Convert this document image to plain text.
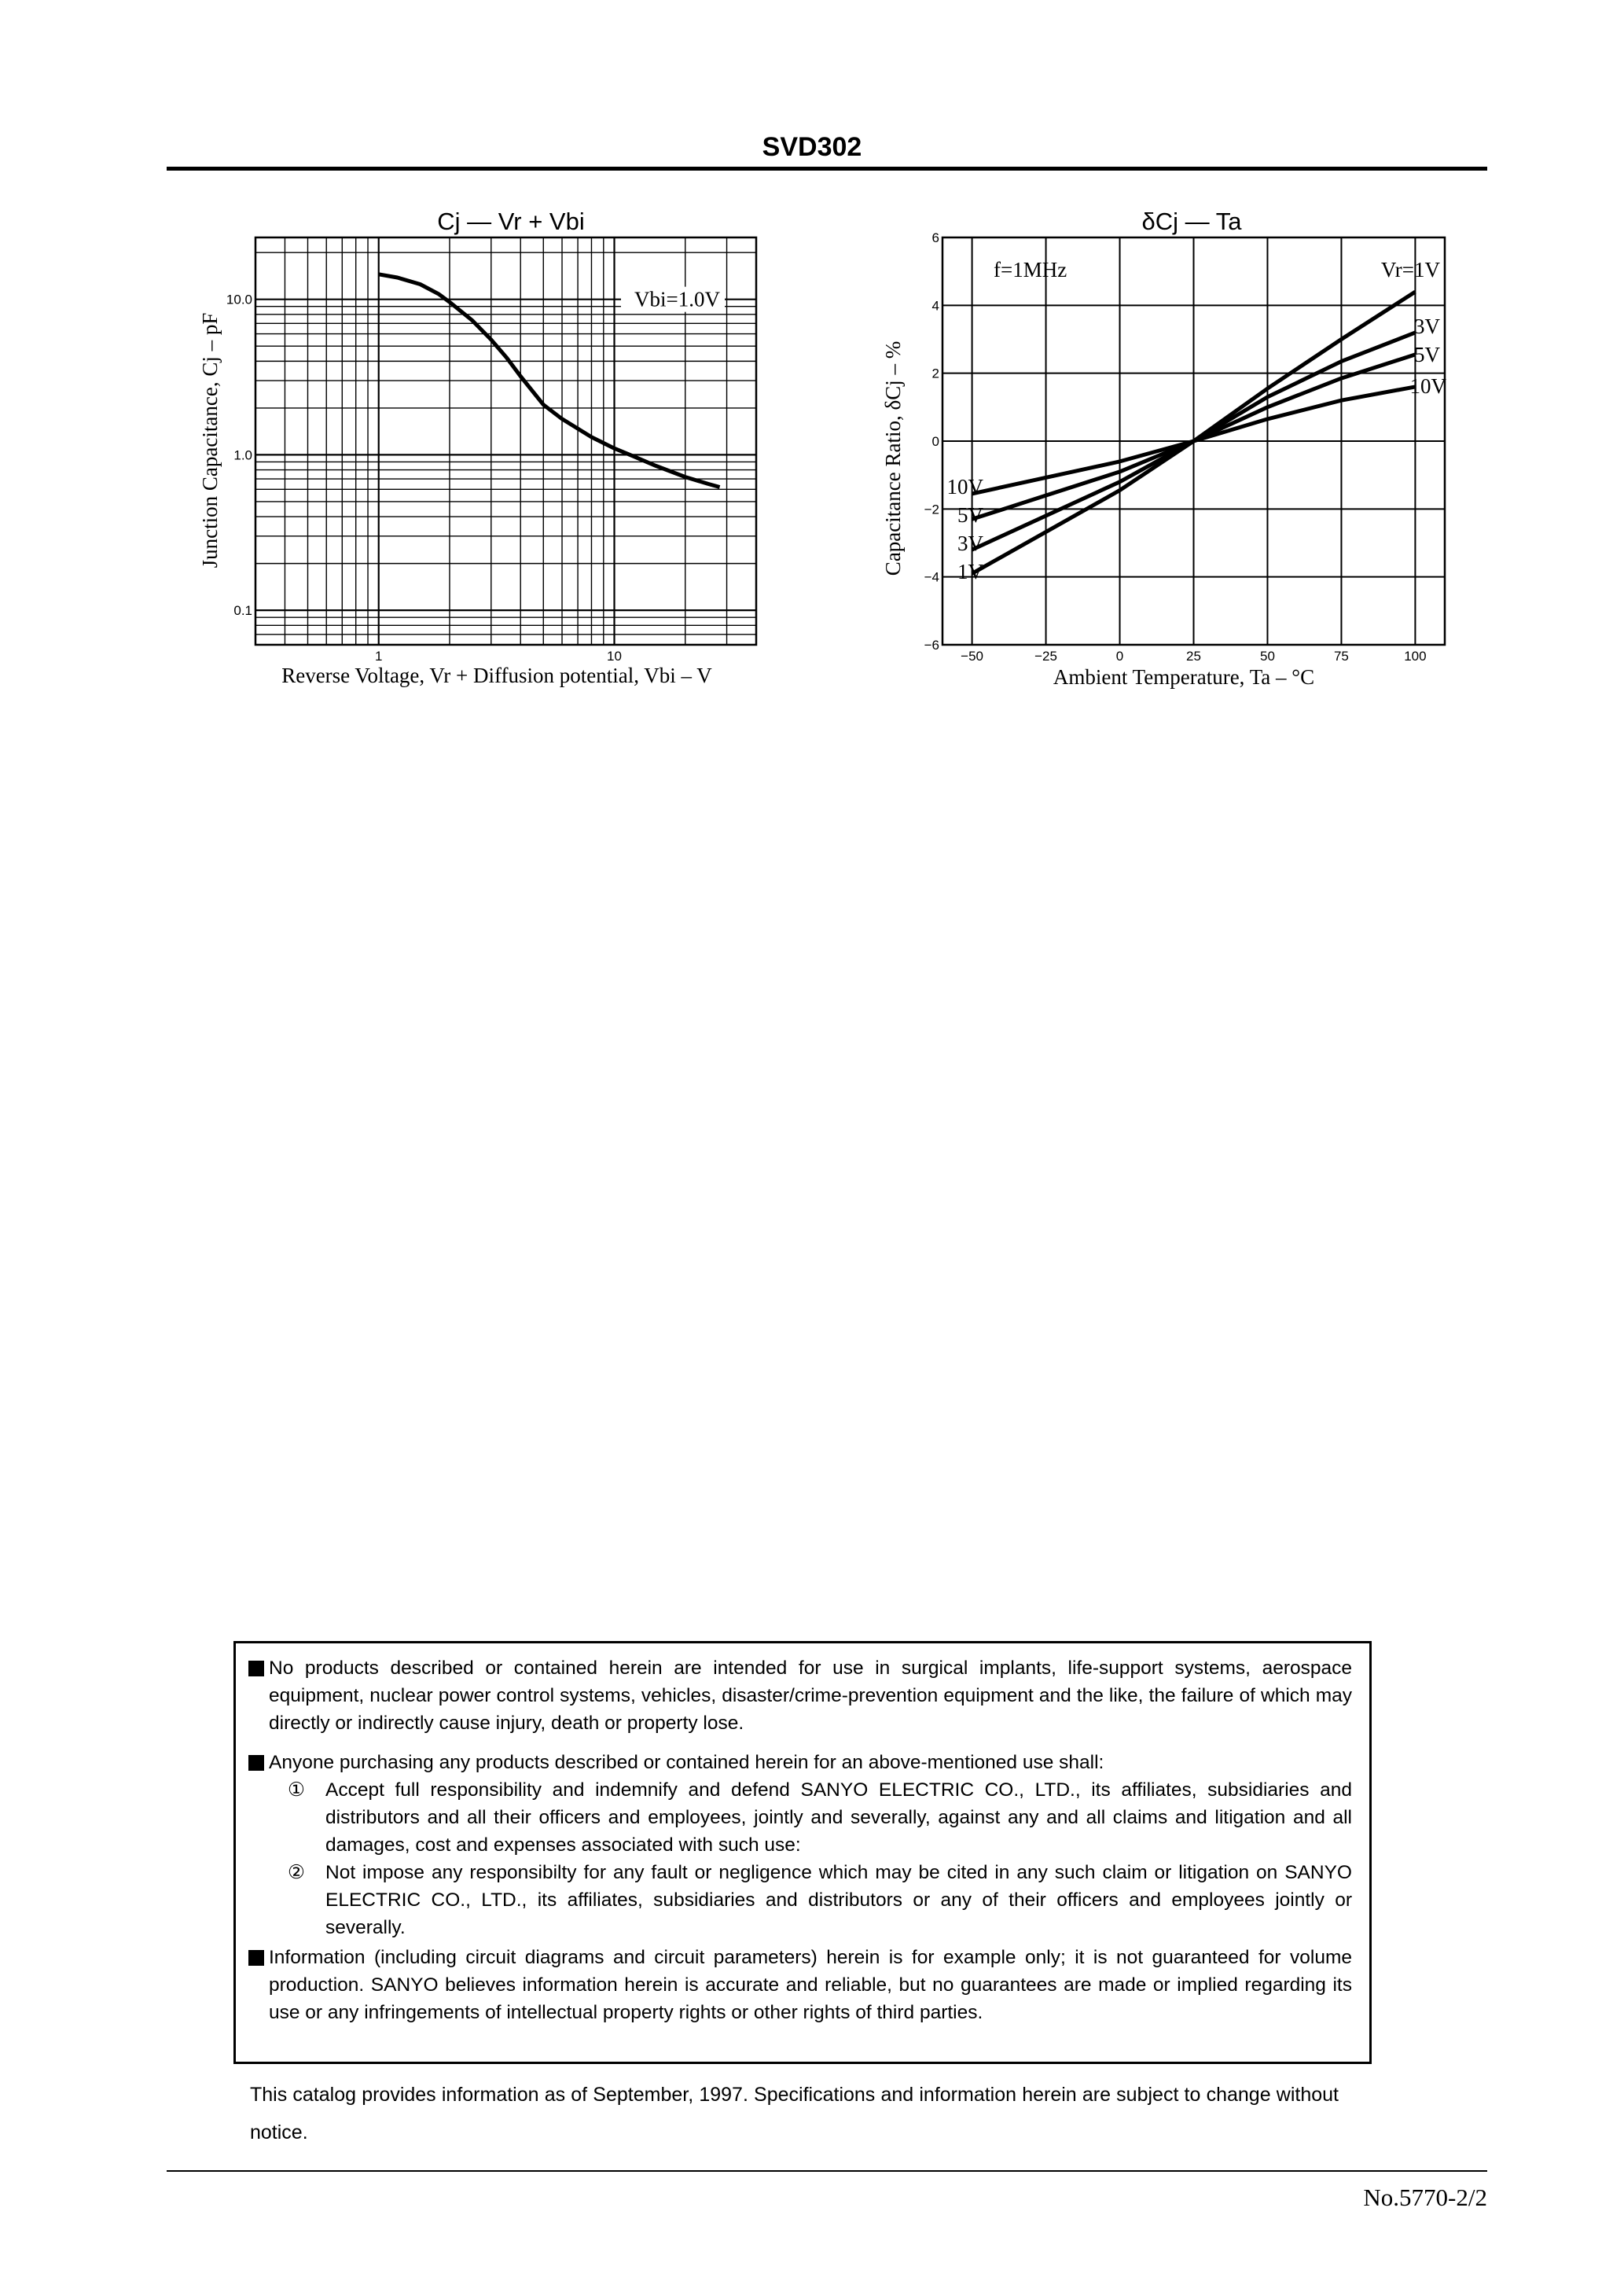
SVD302
Cj — Vr + Vbi
1	10
0.1
1.0
10.0	Vbi=1.0V
Reverse Voltage, Vr + Diffusion potential, Vbi – V
Junction Capacitance, Cj – pF
δCj — Ta
−50	−25	0	25	50	75	100
−6
−4
−2
0
2
4
6
f=1MHz
1V
Vr=1V
3V
3V
5V
5V
10V
10V
Ambient Temperature, Ta – °C
Capacitance Ratio, δCj – %
No products described or contained herein are intended for use in surgical implants, life-support systems, aerospace equipment, nuclear power control systems, vehicles, disaster/crime-prevention equipment and the like, the failure of which may directly or indirectly cause injury, death or property lose.
Anyone purchasing any products described or contained herein for an above-mentioned use shall:
① Accept full responsibility and indemnify and defend SANYO ELECTRIC CO., LTD., its affiliates, subsidiaries and distributors and all their officers and employees, jointly and severally, against any and all claims and litigation and all damages, cost and expenses associated with such use:
② Not impose any responsibilty for any fault or negligence which may be cited in any such claim or litigation on SANYO ELECTRIC CO., LTD., its affiliates, subsidiaries and distributors or any of their officers and employees jointly or severally.
Information (including circuit diagrams and circuit parameters) herein is for example only; it is not guaranteed for volume production. SANYO believes information herein is accurate and reliable, but no guarantees are made or implied regarding its use or any infringements of intellectual property rights or other rights of third parties.
This catalog provides information as of September, 1997. Specifications and information herein are subject to change without notice.
No.5770-2/2
